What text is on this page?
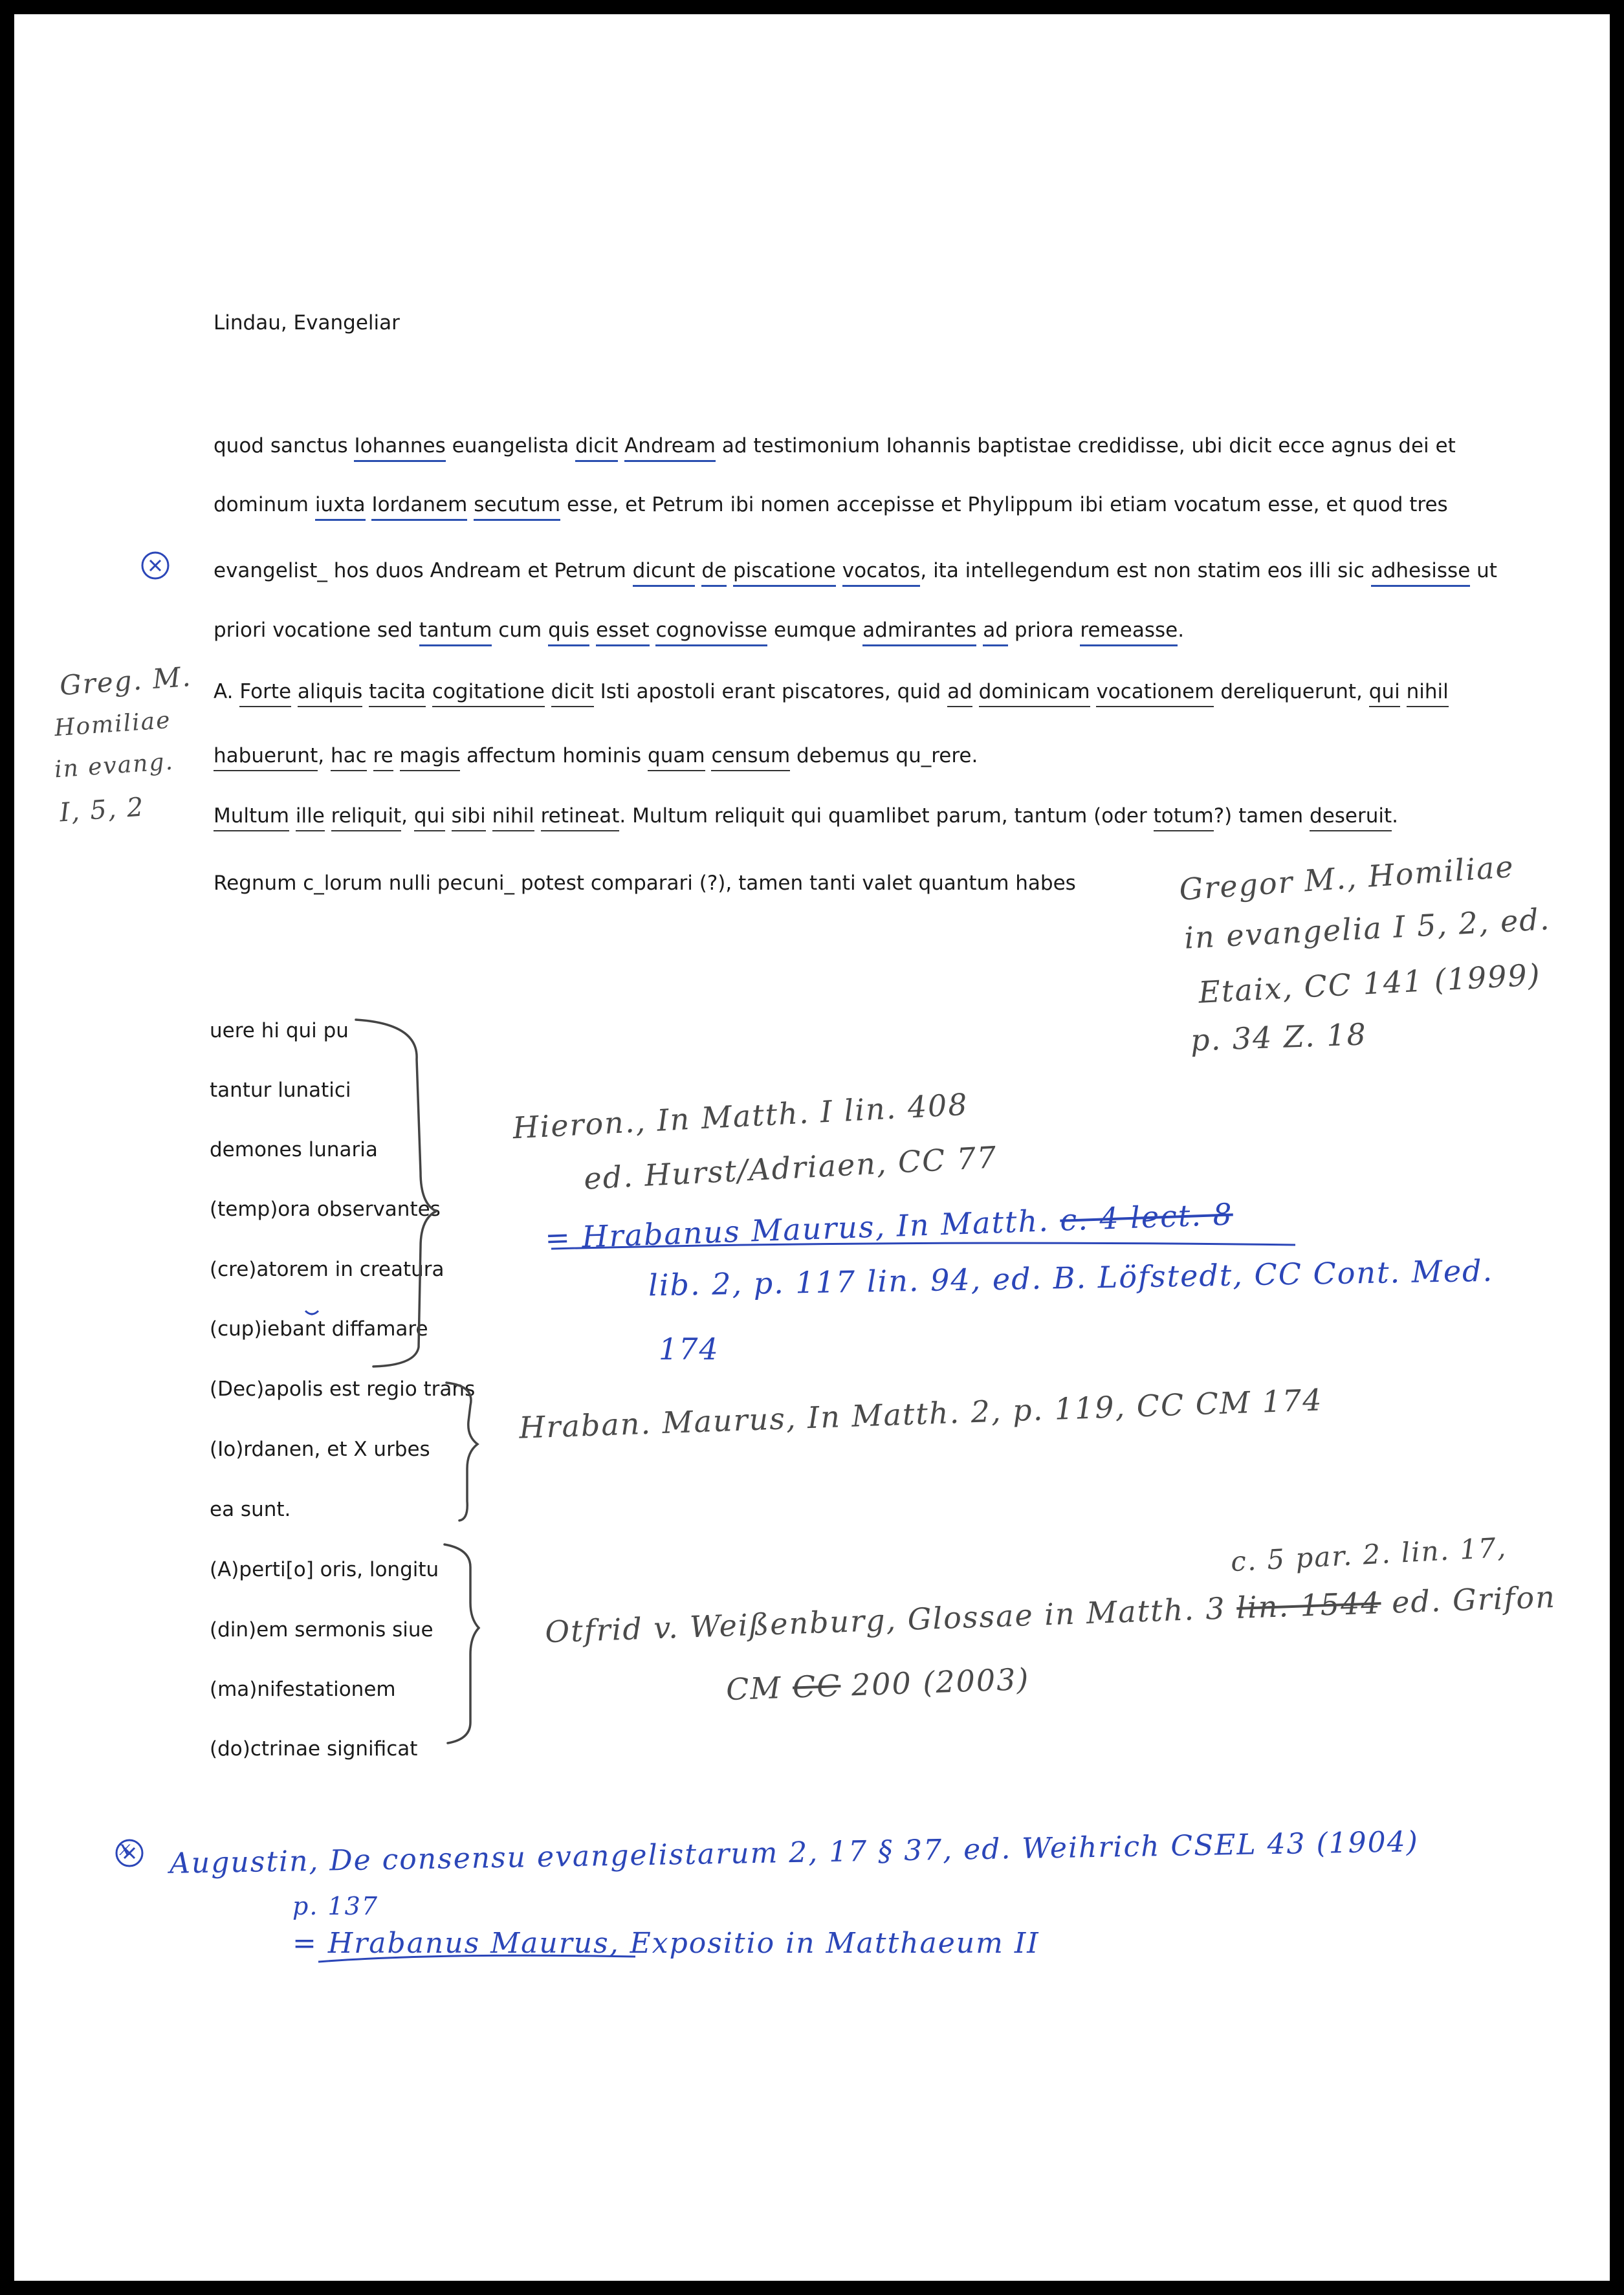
Lindau, Evangeliar

quod sanctus Iohannes euangelista dicit Andream ad testimonium Iohannis baptistae credidisse, ubi dicit ecce agnus dei et

dominum iuxta Iordanem secutum esse, et Petrum ibi nomen accepisse et Phylippum ibi etiam vocatum esse, et quod tres

evangelist_ hos duos Andream et Petrum dicunt de piscatione vocatos, ita intellegendum est non statim eos illi sic adhesisse ut

priori vocatione sed tantum cum quis esset cognovisse eumque admirantes ad priora remeasse.

A. Forte aliquis tacita cogitatione dicit Isti apostoli erant piscatores, quid ad dominicam vocationem dereliquerunt, qui nihil

habuerunt, hac re magis affectum hominis quam censum debemus qu_rere.

Multum ille reliquit, qui sibi nihil retineat. Multum reliquit qui quamlibet parum, tantum (oder totum?) tamen deseruit.

Regnum c_lorum nulli pecuni_ potest comparari (?), tamen tanti valet quantum habes

uere hi qui pu

tantur lunatici

demones lunaria

(temp)ora observantes

(cre)atorem in creatura

(cup)iebant diffamare

(Dec)apolis est regio trans

(Io)rdanen, et X urbes

ea sunt.

(A)perti[o] oris, longitu

(din)em sermonis siue

(ma)nifestationem

(do)ctrinae significat

Greg. M.

Homiliae

in evang.

I, 5, 2

Gregor M., Homiliae

in evangelia I 5, 2, ed.

Etaix, CC 141 (1999)

p. 34 Z. 18

Hieron., In Matth. I lin. 408

ed. Hurst/Adriaen, CC 77

= Hrabanus Maurus, In Matth. c. 4 lect. 8

lib. 2, p. 117 lin. 94, ed. B. Löfstedt, CC Cont. Med.

174

Hraban. Maurus, In Matth. 2, p. 119, CC CM 174

c. 5 par. 2. lin. 17,

Otfrid v. Weißenburg, Glossae in Matth. 3 lin. 1544 ed. Grifon

CM CC 200 (2003)

x Augustin, De consensu evangelistarum 2, 17 § 37, ed. Weihrich CSEL 43 (1904)

p. 137

= Hrabanus Maurus, Expositio in Matthaeum II
